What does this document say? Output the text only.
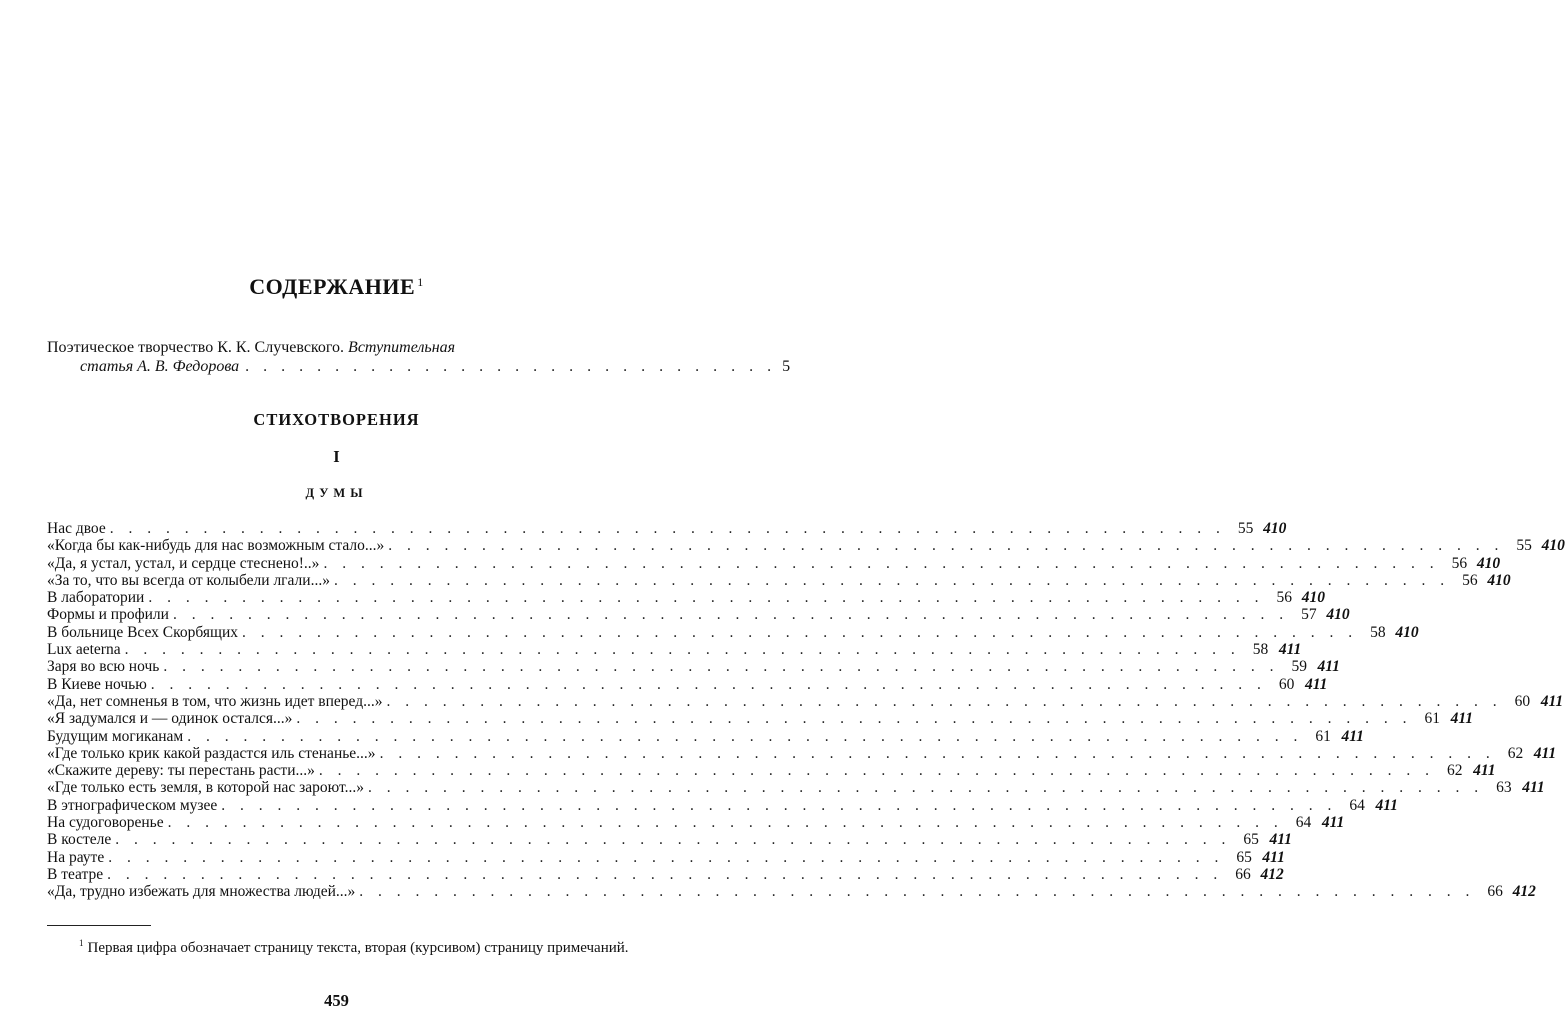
СОДЕРЖАНИЕ $^1$
Поэтическое творчество К. К. Случевского. Вступительная
статья А. В. Федорова . . . . . . . . . . . . . . . . . . . . . . . . . . . . . . 5
СТИХОТВОРЕНИЯ
I
ДУМЫ
Нас двое . . . . . . . . . . . . . . . . . . . . . . . . . . . . . . . . . . . . . . . . . . . . . . . . . . . . . . . . . . . . 55 410
«Когда бы как-нибудь для нас возможным стало...» . . . . . . . . . . . . . . . . . . . . . . . . . . . . . . . . . . . . . . . . . . . . . . . . . . . . . . . . . . . . 55 410
«Да, я устал, устал, и сердце стеснено!..» . . . . . . . . . . . . . . . . . . . . . . . . . . . . . . . . . . . . . . . . . . . . . . . . . . . . . . . . . . . . 56 410
«За то, что вы всегда от колыбели лгали...» . . . . . . . . . . . . . . . . . . . . . . . . . . . . . . . . . . . . . . . . . . . . . . . . . . . . . . . . . . . . 56 410
В лаборатории . . . . . . . . . . . . . . . . . . . . . . . . . . . . . . . . . . . . . . . . . . . . . . . . . . . . . . . . . . . . 56 410
Формы и профили . . . . . . . . . . . . . . . . . . . . . . . . . . . . . . . . . . . . . . . . . . . . . . . . . . . . . . . . . . . . 57 410
В больнице Всех Скорбящих . . . . . . . . . . . . . . . . . . . . . . . . . . . . . . . . . . . . . . . . . . . . . . . . . . . . . . . . . . . . 58 410
Lux aeterna . . . . . . . . . . . . . . . . . . . . . . . . . . . . . . . . . . . . . . . . . . . . . . . . . . . . . . . . . . . . 58 411
Заря во всю ночь . . . . . . . . . . . . . . . . . . . . . . . . . . . . . . . . . . . . . . . . . . . . . . . . . . . . . . . . . . . . 59 411
В Киеве ночью . . . . . . . . . . . . . . . . . . . . . . . . . . . . . . . . . . . . . . . . . . . . . . . . . . . . . . . . . . . . 60 411
«Да, нет сомненья в том, что жизнь идет вперед...» . . . . . . . . . . . . . . . . . . . . . . . . . . . . . . . . . . . . . . . . . . . . . . . . . . . . . . . . . . . . 60 411
«Я задумался и — одинок остался...» . . . . . . . . . . . . . . . . . . . . . . . . . . . . . . . . . . . . . . . . . . . . . . . . . . . . . . . . . . . . 61 411
Будущим могиканам . . . . . . . . . . . . . . . . . . . . . . . . . . . . . . . . . . . . . . . . . . . . . . . . . . . . . . . . . . . . 61 411
«Где только крик какой раздастся иль стенанье...» . . . . . . . . . . . . . . . . . . . . . . . . . . . . . . . . . . . . . . . . . . . . . . . . . . . . . . . . . . . . 62 411
«Скажите дереву: ты перестань расти...» . . . . . . . . . . . . . . . . . . . . . . . . . . . . . . . . . . . . . . . . . . . . . . . . . . . . . . . . . . . . 62 411
«Где только есть земля, в которой нас зароют...» . . . . . . . . . . . . . . . . . . . . . . . . . . . . . . . . . . . . . . . . . . . . . . . . . . . . . . . . . . . . 63 411
В этнографическом музее . . . . . . . . . . . . . . . . . . . . . . . . . . . . . . . . . . . . . . . . . . . . . . . . . . . . . . . . . . . . 64 411
На судоговоренье . . . . . . . . . . . . . . . . . . . . . . . . . . . . . . . . . . . . . . . . . . . . . . . . . . . . . . . . . . . . 64 411
В костеле . . . . . . . . . . . . . . . . . . . . . . . . . . . . . . . . . . . . . . . . . . . . . . . . . . . . . . . . . . . . 65 411
На рауте . . . . . . . . . . . . . . . . . . . . . . . . . . . . . . . . . . . . . . . . . . . . . . . . . . . . . . . . . . . . 65 411
В театре . . . . . . . . . . . . . . . . . . . . . . . . . . . . . . . . . . . . . . . . . . . . . . . . . . . . . . . . . . . . 66 412
«Да, трудно избежать для множества людей...» . . . . . . . . . . . . . . . . . . . . . . . . . . . . . . . . . . . . . . . . . . . . . . . . . . . . . . . . . . . . 66 412
$^1$ Первая цифра обозначает страницу текста, вторая (курсивом) страницу примечаний.
459
